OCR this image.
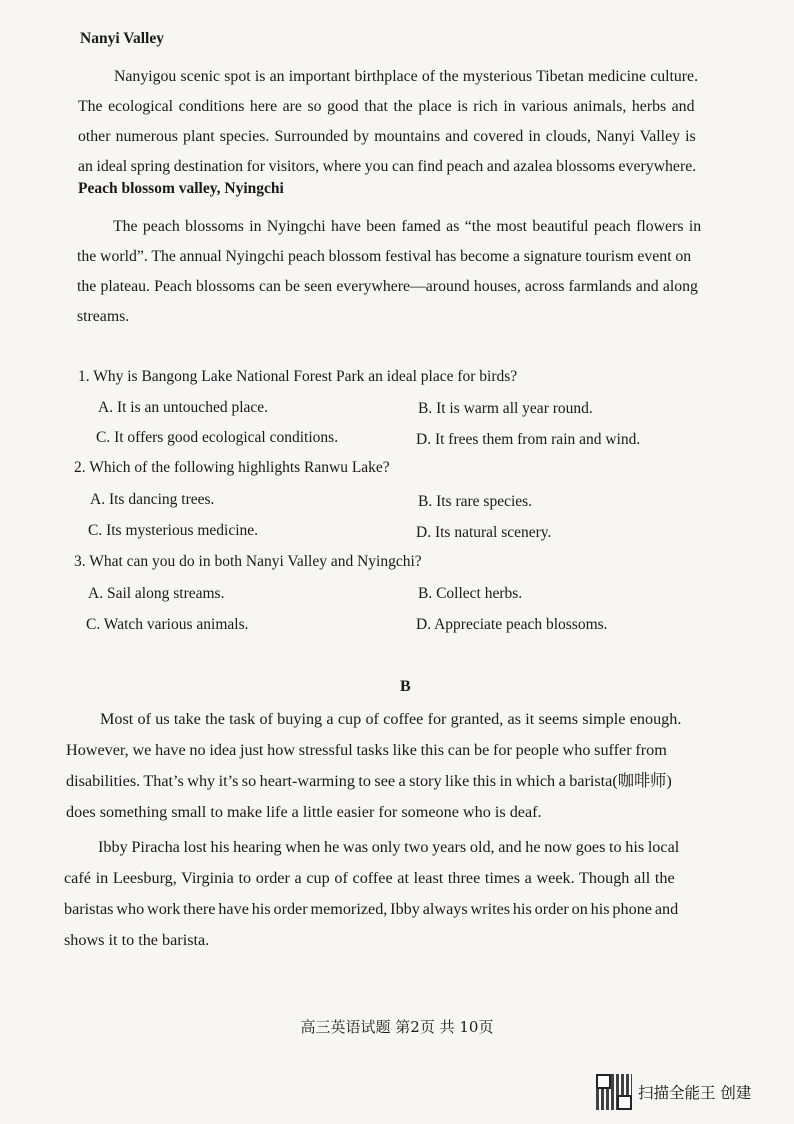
Nanyi Valley
Nanyigou scenic spot is an important birthplace of the mysterious Tibetan medicine culture.
The ecological conditions here are so good that the place is rich in various animals, herbs and
other numerous plant species. Surrounded by mountains and covered in clouds, Nanyi Valley is
an ideal spring destination for visitors, where you can find peach and azalea blossoms everywhere.
Peach blossom valley, Nyingchi
The peach blossoms in Nyingchi have been famed as “the most beautiful peach flowers in
the world”. The annual Nyingchi peach blossom festival has become a signature tourism event on
the plateau. Peach blossoms can be seen everywhere—around houses, across farmlands and along
streams.
1. Why is Bangong Lake National Forest Park an ideal place for birds?
A. It is an untouched place.	B. It is warm all year round.
C. It offers good ecological conditions.	D. It frees them from rain and wind.
2. Which of the following highlights Ranwu Lake?
A. Its dancing trees.	B. Its rare species.
C. Its mysterious medicine.	D. Its natural scenery.
3. What can you do in both Nanyi Valley and Nyingchi?
A. Sail along streams.	B. Collect herbs.
C. Watch various animals.	D. Appreciate peach blossoms.
B
Most of us take the task of buying a cup of coffee for granted, as it seems simple enough.
However, we have no idea just how stressful tasks like this can be for people who suffer from
disabilities. That’s why it’s so heart-warming to see a story like this in which a barista(咖啡师)
does something small to make life a little easier for someone who is deaf.
Ibby Piracha lost his hearing when he was only two years old, and he now goes to his local
café in Leesburg, Virginia to order a cup of coffee at least three times a week. Though all the
baristas who work there have his order memorized, Ibby always writes his order on his phone and
shows it to the barista.
高三英语试题 第2页 共 10页
扫描全能王 创建
